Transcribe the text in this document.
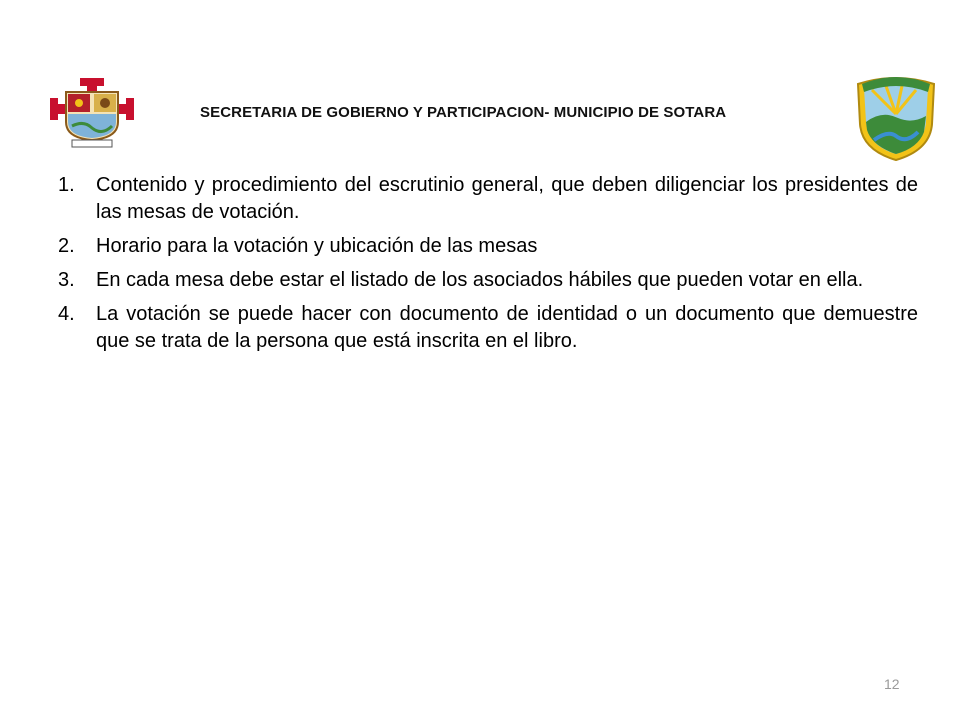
SECRETARIA DE GOBIERNO Y PARTICIPACION- MUNICIPIO DE SOTARA
1.	Contenido y procedimiento del escrutinio general, que deben diligenciar los presidentes de las mesas de votación.
2.	Horario para la votación y ubicación de las mesas
3.	En cada mesa debe estar el listado de los asociados hábiles que pueden votar en ella.
4.	La votación se puede hacer con documento de identidad o un documento que demuestre que se trata de la persona que está inscrita en el libro.
12
